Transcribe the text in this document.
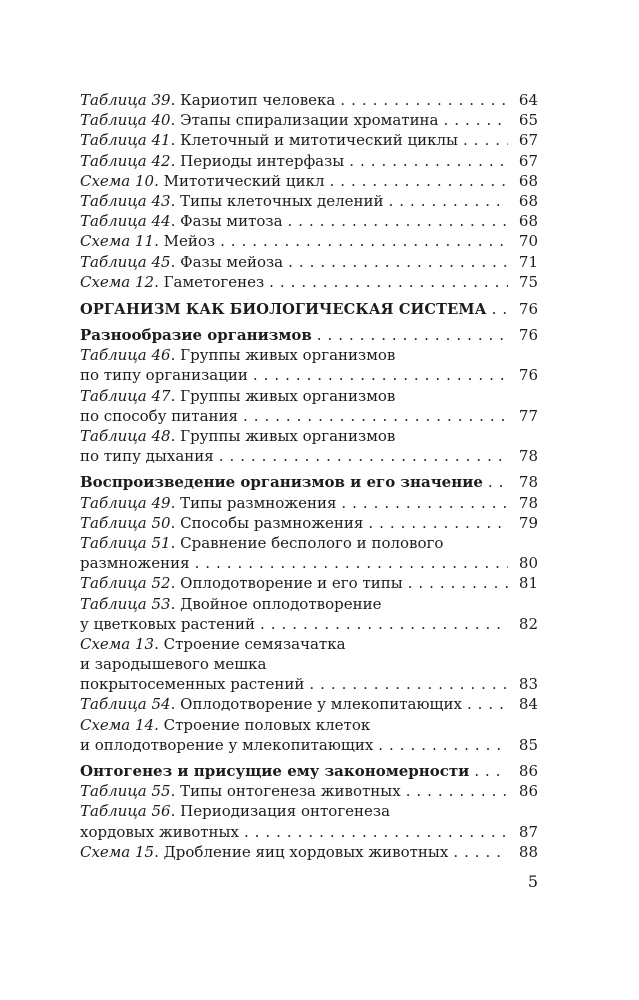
Таблица 39. Кариотип человека . . .	64
Таблица 40. Этапы спирализации хроматина . . .	65
Таблица 41. Клеточный и митотический циклы . . .	67
Таблица 42. Периоды интерфазы . . .	67
Схема 10. Митотический цикл . . .	68
Таблица 43. Типы клеточных делений . . .	68
Таблица 44. Фазы митоза . . .	68
Схема 11. Мейоз . . .	70
Таблица 45. Фазы мейоза . . .	71
Схема 12. Гаметогенез . . .	75
ОРГАНИЗМ КАК БИОЛОГИЧЕСКАЯ СИСТЕМА . . .	76
Разнообразие организмов . . .	76
Таблица 46. Группы живых организмов
по типу организации . . .	76
Таблица 47. Группы живых организмов
по способу питания . . .	77
Таблица 48. Группы живых организмов
по типу дыхания . . .	78
Воспроизведение организмов и его значение . . .	78
Таблица 49. Типы размножения . . .	78
Таблица 50. Способы размножения . . .	79
Таблица 51. Сравнение бесполого и полового
размножения . . .	80
Таблица 52. Оплодотворение и его типы . . .	81
Таблица 53. Двойное оплодотворение
у цветковых растений . . .	82
Схема 13. Строение семязачатка
и зародышевого мешка
покрытосеменных растений . . .	83
Таблица 54. Оплодотворение у млекопитающих . . .	84
Схема 14. Строение половых клеток
и оплодотворение у млекопитающих . . .	85
Онтогенез и присущие ему закономерности . . .	86
Таблица 55. Типы онтогенеза животных . . .	86
Таблица 56. Периодизация онтогенеза
хордовых животных . . .	87
Схема 15. Дробление яиц хордовых животных . . .	88
5
